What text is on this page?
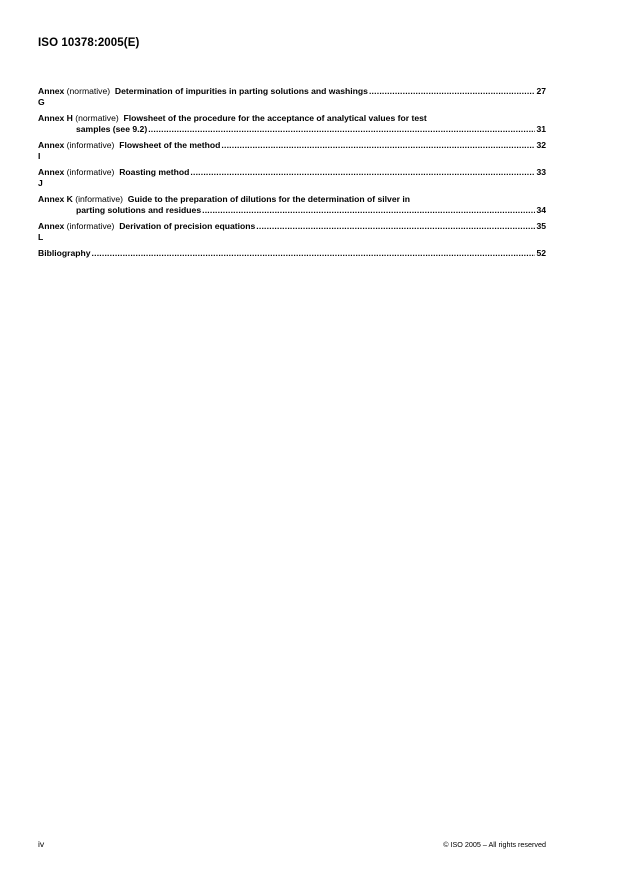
ISO 10378:2005(E)
Annex G

(normative)
Determination of impurities in parting solutions and washings .....	27
Annex H
(normative)
Flowsheet of the procedure for the acceptance of analytical values for test
samples (see 9.2) .....	31
Annex I

(informative)
Flowsheet of the method .....	32
Annex J

(informative)
Roasting method .....	33
Annex K
(informative)
Guide to the preparation of dilutions for the determination of silver in
parting solutions and residues .....	34
Annex L

(informative)
Derivation of precision equations .....	35
Bibliography .....	52
iv	© ISO 2005 – All rights reserved
